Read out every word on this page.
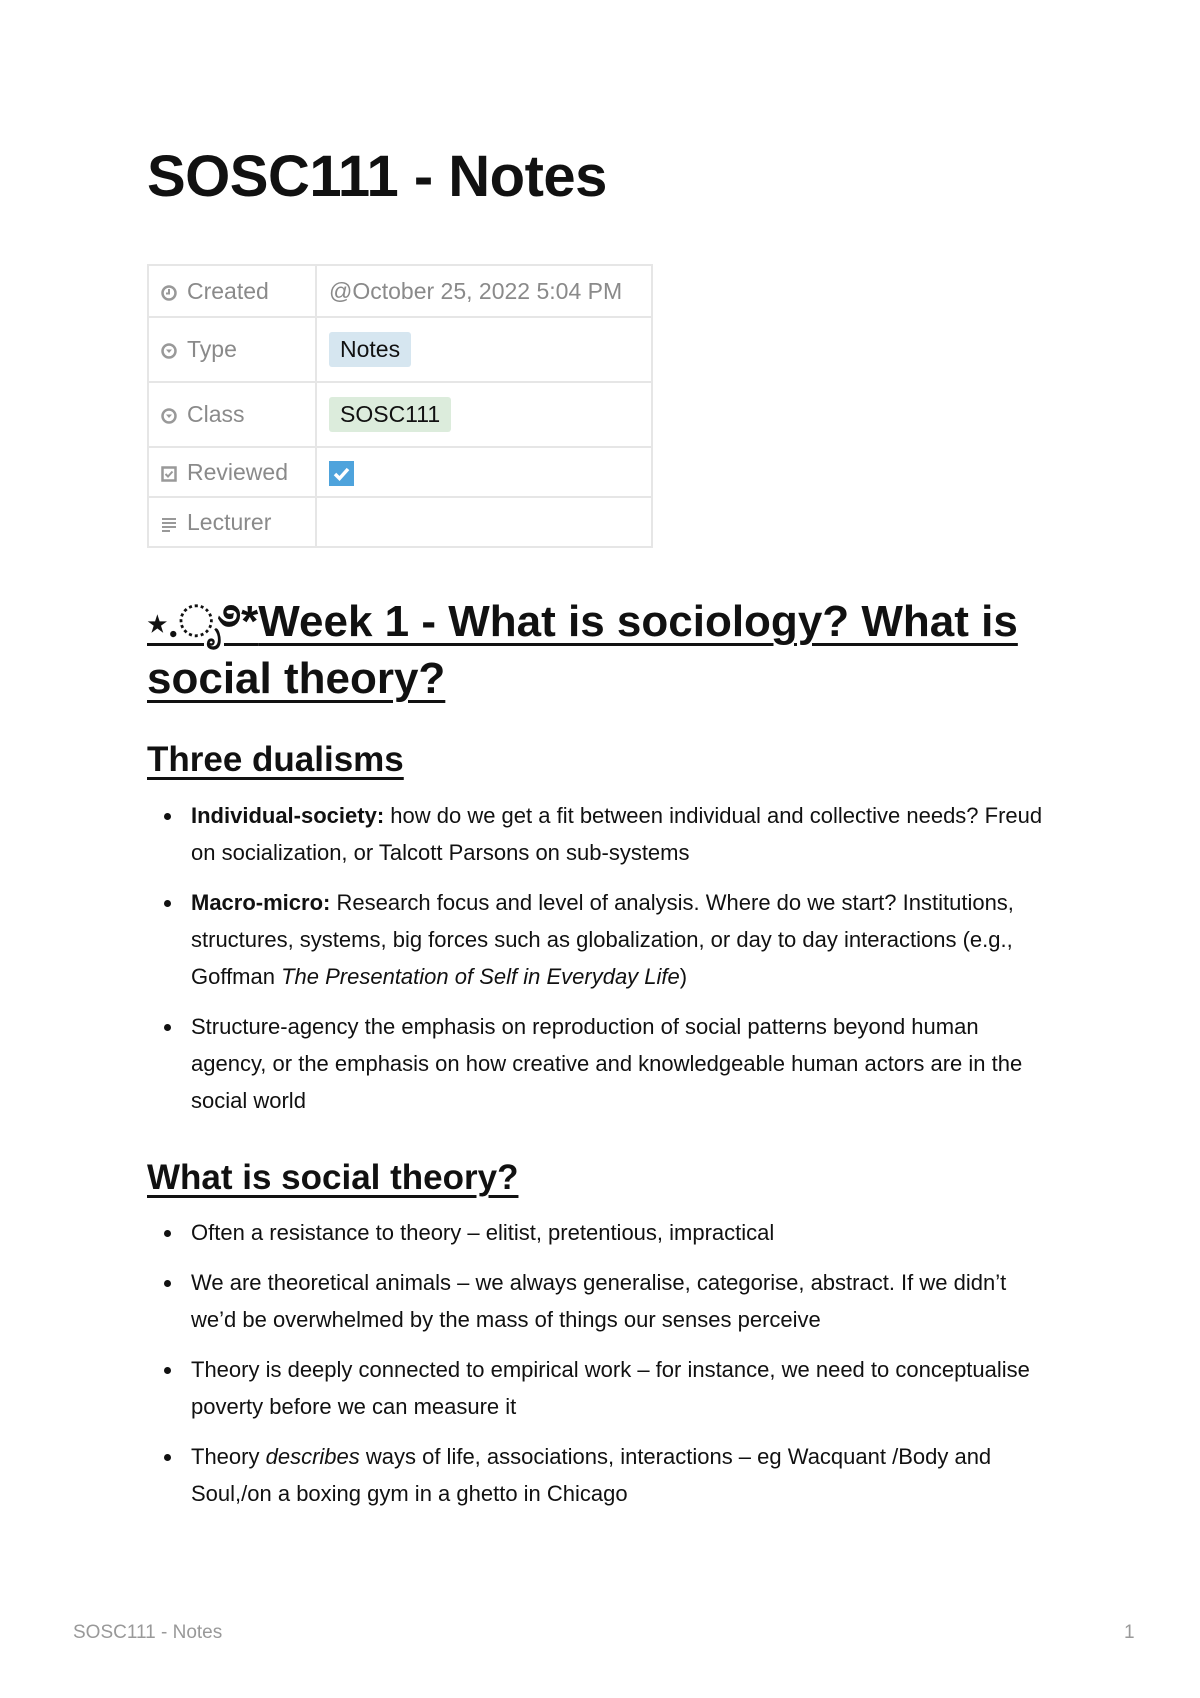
SOSC111 - Notes
Created	@October 25, 2022 5:04 PM
Type	Notes
Class	SOSC111
Reviewed	
Lecturer	
⋆.ೃ࿔*Week 1 - What is sociology? What is social theory?
Three dualisms
Individual-society: how do we get a fit between individual and collective needs? Freud on socialization, or Talcott Parsons on sub-systems
Macro-micro: Research focus and level of analysis. Where do we start? Institutions, structures, systems, big forces such as globalization, or day to day interactions (e.g., Goffman The Presentation of Self in Everyday Life)
Structure-agency the emphasis on reproduction of social patterns beyond human agency, or the emphasis on how creative and knowledgeable human actors are in the social world
What is social theory?
Often a resistance to theory – elitist, pretentious, impractical
We are theoretical animals – we always generalise, categorise, abstract. If we didn’t we’d be overwhelmed by the mass of things our senses perceive
Theory is deeply connected to empirical work – for instance, we need to conceptualise poverty before we can measure it
Theory describes ways of life, associations, interactions – eg Wacquant /Body and Soul,/on a boxing gym in a ghetto in Chicago
SOSC111 - Notes	1
